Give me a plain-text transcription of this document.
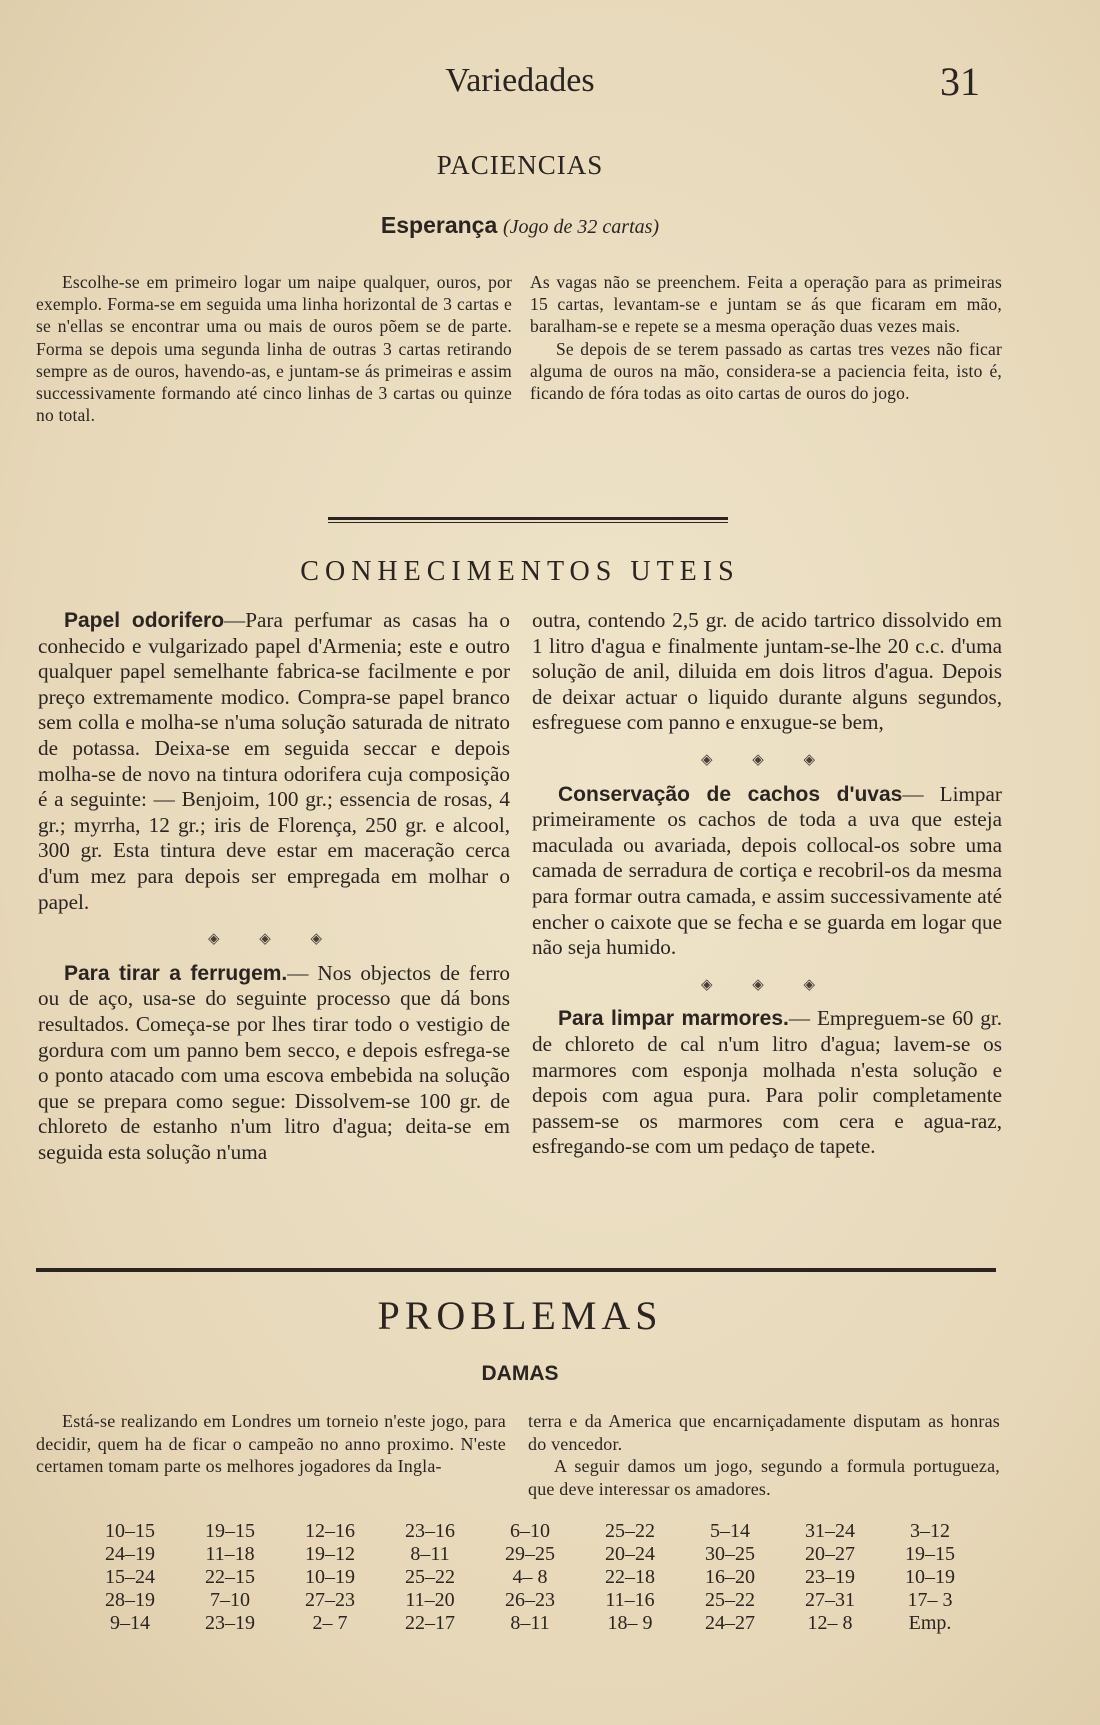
Variedades	31
PACIENCIAS
Esperança (Jogo de 32 cartas)

Escolhe-se em primeiro logar um naipe qualquer, ouros, por exemplo. Forma-se em seguida uma linha horizontal de 3 cartas e se n'ellas se encontrar uma ou mais de ouros põem se de parte. Forma se depois uma segunda linha de outras 3 cartas retirando sempre as de ouros, havendo-as, e juntam-se ás primeiras e assim successivamente formando até cinco linhas de 3 cartas ou quinze no total.

As vagas não se preenchem. Feita a operação para as primeiras 15 cartas, levantam-se e juntam se ás que ficaram em mão, baralham-se e repete se a mesma operação duas vezes mais.

Se depois de se terem passado as cartas tres vezes não ficar alguma de ouros na mão, considera-se a paciencia feita, isto é, ficando de fóra todas as oito cartas de ouros do jogo.

CONHECIMENTOS UTEIS

Papel odorifero—Para perfumar as casas ha o conhecido e vulgarizado papel d'Armenia; este e outro qualquer papel semelhante fabrica-se facilmente e por preço extremamente modico. Compra-se papel branco sem colla e molha-se n'uma solução saturada de nitrato de potassa. Deixa-se em seguida seccar e depois molha-se de novo na tintura odorifera cuja composição é a seguinte: — Benjoim, 100 gr.; essencia de rosas, 4 gr.; myrrha, 12 gr.; iris de Florença, 250 gr. e alcool, 300 gr. Esta tintura deve estar em maceração cerca d'um mez para depois ser empregada em molhar o papel.

◈ ◈ ◈

Para tirar a ferrugem.— Nos objectos de ferro ou de aço, usa-se do seguinte processo que dá bons resultados. Começa-se por lhes tirar todo o vestigio de gordura com um panno bem secco, e depois esfrega-se o ponto atacado com uma escova embebida na solução que se prepara como segue: Dissolvem-se 100 gr. de chloreto de estanho n'um litro d'agua; deita-se em seguida esta solução n'uma

outra, contendo 2,5 gr. de acido tartrico dissolvido em 1 litro d'agua e finalmente juntam-se-lhe 20 c.c. d'uma solução de anil, diluida em dois litros d'agua. Depois de deixar actuar o liquido durante alguns segundos, esfreguese com panno e enxugue-se bem,

◈ ◈ ◈

Conservação de cachos d'uvas— Limpar primeiramente os cachos de toda a uva que esteja maculada ou avariada, depois collocal-os sobre uma camada de serradura de cortiça e recobril-os da mesma para formar outra camada, e assim successivamente até encher o caixote que se fecha e se guarda em logar que não seja humido.

◈ ◈ ◈

Para limpar marmores.— Empreguem-se 60 gr. de chloreto de cal n'um litro d'agua; lavem-se os marmores com esponja molhada n'esta solução e depois com agua pura. Para polir completamente passem-se os marmores com cera e agua-raz, esfregando-se com um pedaço de tapete.

PROBLEMAS
DAMAS

Está-se realizando em Londres um torneio n'este jogo, para decidir, quem ha de ficar o campeão no anno proximo. N'este certamen tomam parte os melhores jogadores da Ingla-

terra e da America que encarniçadamente disputam as honras do vencedor.

A seguir damos um jogo, segundo a formula portugueza, que deve interessar os amadores.

10–15	19–15	12–16	23–16	6–10	25–22	5–14	31–24	3–12
24–19	11–18	19–12	8–11	29–25	20–24	30–25	20–27	19–15
15–24	22–15	10–19	25–22	4– 8	22–18	16–20	23–19	10–19
28–19	7–10	27–23	11–20	26–23	11–16	25–22	27–31	17– 3
9–14	23–19	2– 7	22–17	8–11	18– 9	24–27	12– 8	Emp.
